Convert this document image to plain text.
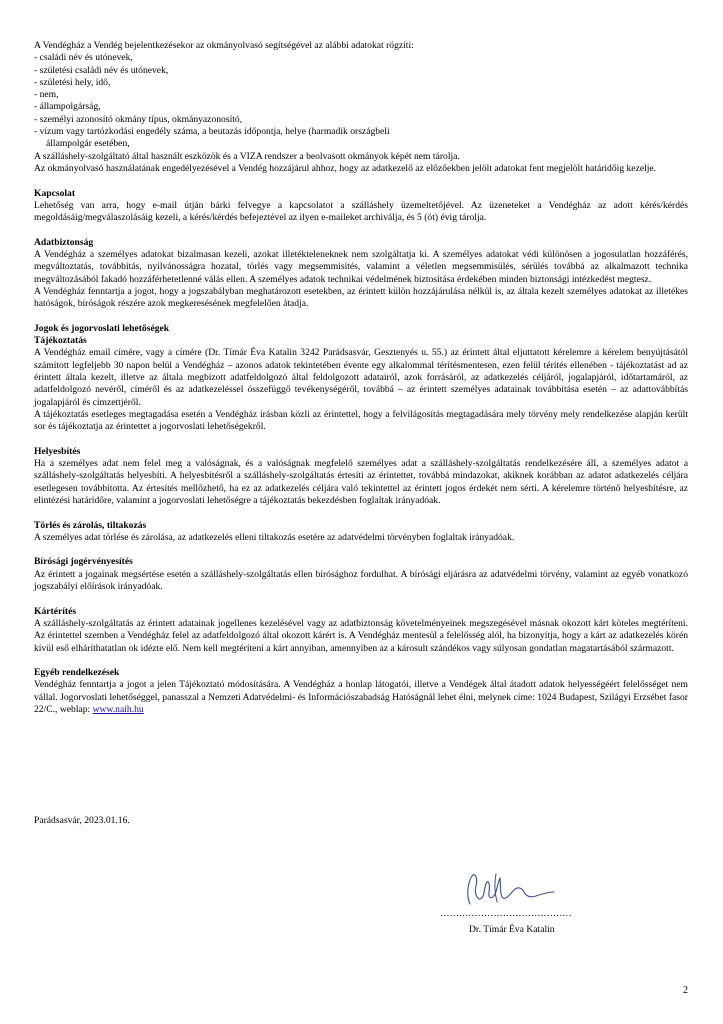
A Vendégház a Vendég bejelentkezésekor az okmányolvasó segítségével az alábbi adatokat rögzíti:

- családi név és utónevek,

- születési családi név és utónevek,

- születési hely, idő,

- nem,

- állampolgárság,

- személyi azonosító okmány típus, okmányazonosító,

- vízum vagy tartózkodási engedély száma, a beutazás időpontja, helye (harmadik országbeli

állampolgár esetében,

A szálláshely-szolgáltató által használt eszközök és a VIZA rendszer a beolvasott okmányok képét nem tárolja.

Az okmányolvasó használatának engedélyezésével a Vendég hozzájárul ahhoz, hogy az adatkezelő az előzőekben jelölt adatokat fent megjelölt határidőig kezelje.

Kapcsolat

Lehetőség van arra, hogy e-mail útján bárki felvegye a kapcsolatot a szálláshely üzemeltetőjével. Az üzeneteket a Vendégház az adott kérés/kérdés megoldásáig/megválaszolásáig kezeli, a kérés/kérdés befejeztével az ilyen e-maileket archiválja, és 5 (öt) évig tárolja.

Adatbiztonság

A Vendégház a személyes adatokat bizalmasan kezeli, azokat illetékteleneknek nem szolgáltatja ki. A személyes adatokat védi különösen a jogosulatlan hozzáférés, megváltoztatás, továbbítás, nyilvánosságra hozatal, törlés vagy megsemmisítés, valamint a véletlen megsemmisülés, sérülés továbbá az alkalmazott technika megváltozásából fakadó hozzáférhetetlenné válás ellen. A személyes adatok technikai védelmének biztosítása érdekében minden biztonsági intézkedést megtesz.

A Vendégház fenntartja a jogot, hogy a jogszabályban meghatározott esetekben, az érintett külön hozzájárulása nélkül is, az általa kezelt személyes adatokat az illetékes hatóságok, bíróságok részére azok megkeresésének megfelelően átadja.

Jogok és jogorvoslati lehetőségek
Tájékoztatás

A Vendégház email címére, vagy a címére (Dr. Tímár Éva Katalin 3242 Parádsasvár, Gesztenyés u. 55.) az érintett által eljuttatott kérelemre a kérelem benyújtásától számított legfeljebb 30 napon belül a Vendégház – azonos adatok tekintetében évente egy alkalommal térítésmentesen, ezen felül térítés ellenében - tájékoztatást ad az érintett általa kezelt, illetve az általa megbízott adatfeldolgozó által feldolgozott adatairól, azok forrásáról, az adatkezelés céljáról, jogalapjáról, időtartamáról, az adatfeldolgozó nevéről, címéről és az adatkezeléssel összefüggő tevékenységéről, továbbá – az érintett személyes adatainak továbbítása esetén – az adattovábbítás jogalapjáról és címzettjéről.

A tájékoztatás esetleges megtagadása esetén a Vendégház írásban közli az érintettel, hogy a felvilágosítás megtagadására mely törvény mely rendelkezése alapján került sor és tájékoztatja az érintettet a jogorvoslati lehetőségekről.

Helyesbítés

Ha a személyes adat nem felel meg a valóságnak, és a valóságnak megfelelő személyes adat a szálláshely-szolgáltatás rendelkezésére áll, a személyes adatot a szálláshely-szolgáltatás helyesbíti. A helyesbítésről a szálláshely-szolgáltatás értesíti az érintettet, továbbá mindazokat, akiknek korábban az adatot adatkezelés céljára esetlegesen továbbította. Az értesítés mellőzhető, ha ez az adatkezelés céljára való tekintettel az érintett jogos érdekét nem sérti. A kérelemre történő helyesbítésre, az elintézési határidőre, valamint a jogorvoslati lehetőségre a tájékoztatás bekezdésben foglaltak irányadóak.

Törlés és zárolás, tiltakozás

A személyes adat törlése és zárolása, az adatkezelés elleni tiltakozás esetére az adatvédelmi törvényben foglaltak irányadóak.

Bírósági jogérvényesítés

Az érintett a jogainak megsértése esetén a szálláshely-szolgáltatás ellen bírósághoz fordulhat. A bírósági eljárásra az adatvédelmi törvény, valamint az egyéb vonatkozó jogszabályi előírások irányadóak.

Kártérítés

A szálláshely-szolgáltatás az érintett adatainak jogellenes kezelésével vagy az adatbiztonság követelményeinek megszegésével másnak okozott kárt köteles megtéríteni. Az érintettel szemben a Vendégház felel az adatfeldolgozó által okozott kárért is. A Vendégház mentesül a felelősség alól, ha bizonyítja, hogy a kárt az adatkezelés körén kívül eső elháríthatatlan ok idézte elő. Nem kell megtéríteni a kárt annyiban, amennyiben az a károsult szándékos vagy súlyosan gondatlan magatartásából származott.

Egyéb rendelkezések

Vendégház fenntartja a jogot a jelen Tájékoztató módosítására. A Vendégház a honlap látogatói, illetve a Vendégek által átadott adatok helyességéért felelősséget nem vállal. Jogorvoslati lehetőséggel, panasszal a Nemzeti Adatvédelmi- és Információszabadság Hatóságnál lehet élni, melynek címe: 1024 Budapest, Szilágyi Erzsébet fasor 22/C., weblap: www.naih.hu

Parádsasvár, 2023.01.16.
……………………………………
Dr. Tímár Éva Katalin
2
